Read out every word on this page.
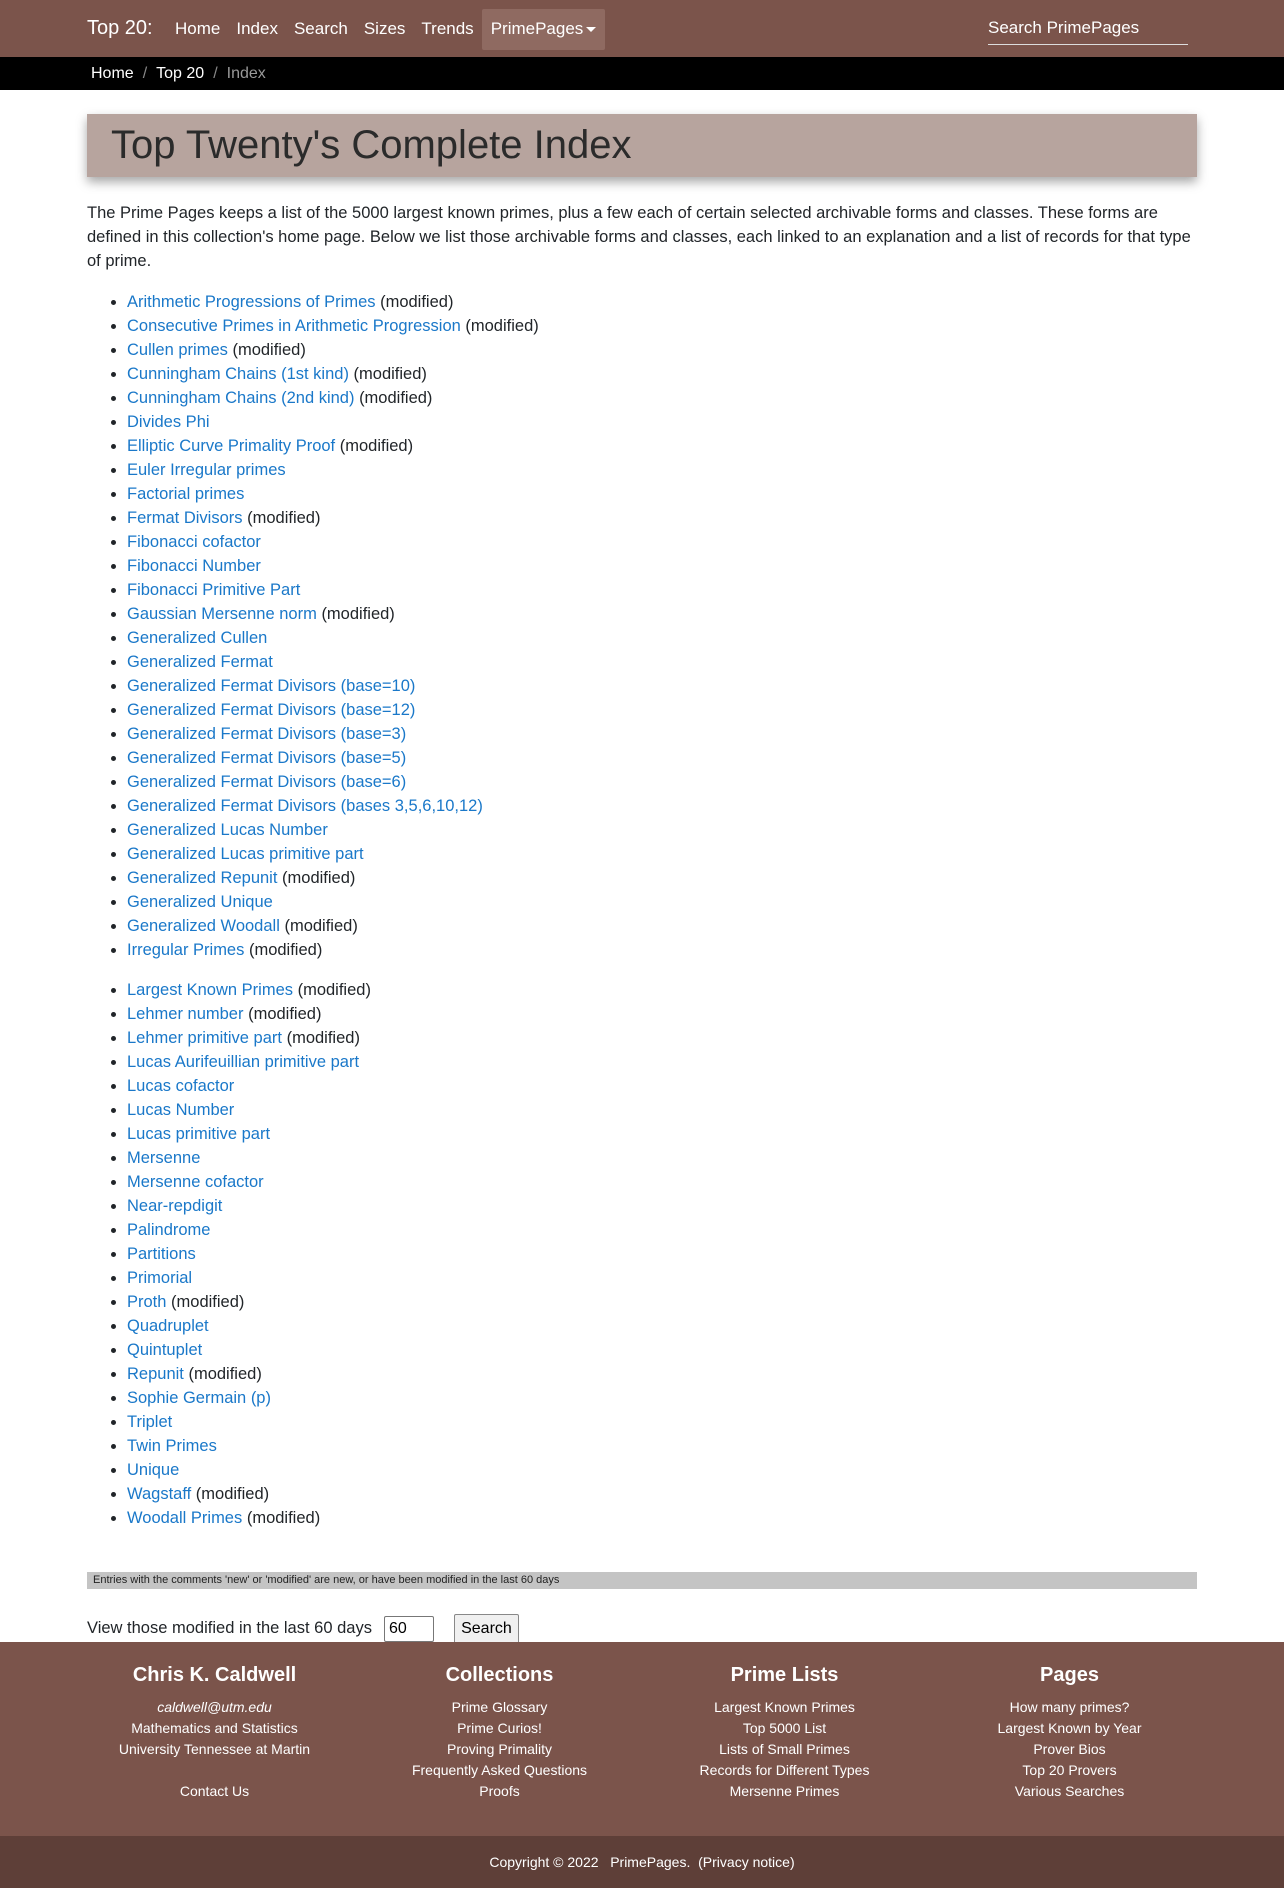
Top 20:	Home Index Search Sizes Trends	PrimePages
Search PrimePages
Home / Top 20 / Index
Top Twenty's Complete Index

The Prime Pages keeps a list of the 5000 largest known primes, plus a few each of certain selected archivable forms and classes. These forms are defined in this collection's home page. Below we list those archivable forms and classes, each linked to an explanation and a list of records for that type of prime.

• Arithmetic Progressions of Primes (modified)
• Consecutive Primes in Arithmetic Progression (modified)
• Cullen primes (modified)
• Cunningham Chains (1st kind) (modified)
• Cunningham Chains (2nd kind) (modified)
• Divides Phi
• Elliptic Curve Primality Proof (modified)
• Euler Irregular primes
• Factorial primes
• Fermat Divisors (modified)
• Fibonacci cofactor
• Fibonacci Number
• Fibonacci Primitive Part
• Gaussian Mersenne norm (modified)
• Generalized Cullen
• Generalized Fermat
• Generalized Fermat Divisors (base=10)
• Generalized Fermat Divisors (base=12)
• Generalized Fermat Divisors (base=3)
• Generalized Fermat Divisors (base=5)
• Generalized Fermat Divisors (base=6)
• Generalized Fermat Divisors (bases 3,5,6,10,12)
• Generalized Lucas Number
• Generalized Lucas primitive part
• Generalized Repunit (modified)
• Generalized Unique
• Generalized Woodall (modified)
• Irregular Primes (modified)
• Largest Known Primes (modified)
• Lehmer number (modified)
• Lehmer primitive part (modified)
• Lucas Aurifeuillian primitive part
• Lucas cofactor
• Lucas Number
• Lucas primitive part
• Mersenne
• Mersenne cofactor
• Near-repdigit
• Palindrome
• Partitions
• Primorial
• Proth (modified)
• Quadruplet
• Quintuplet
• Repunit (modified)
• Sophie Germain (p)
• Triplet
• Twin Primes
• Unique
• Wagstaff (modified)
• Woodall Primes (modified)
Entries with the comments 'new' or 'modified' are new, or have been modified in the last 60 days
View those modified in the last 60 days
60	Search
Chris K. Caldwell
caldwell@utm.edu
Mathematics and Statistics
University Tennessee at Martin
Contact Us
Collections
Prime Glossary
Prime Curios!
Proving Primality
Frequently Asked Questions
Proofs
Prime Lists
Largest Known Primes
Top 5000 List
Lists of Small Primes
Records for Different Types
Mersenne Primes
Pages
How many primes?
Largest Known by Year
Prover Bios
Top 20 Provers
Various Searches
Copyright © 2022 PrimePages.  (Privacy notice)
